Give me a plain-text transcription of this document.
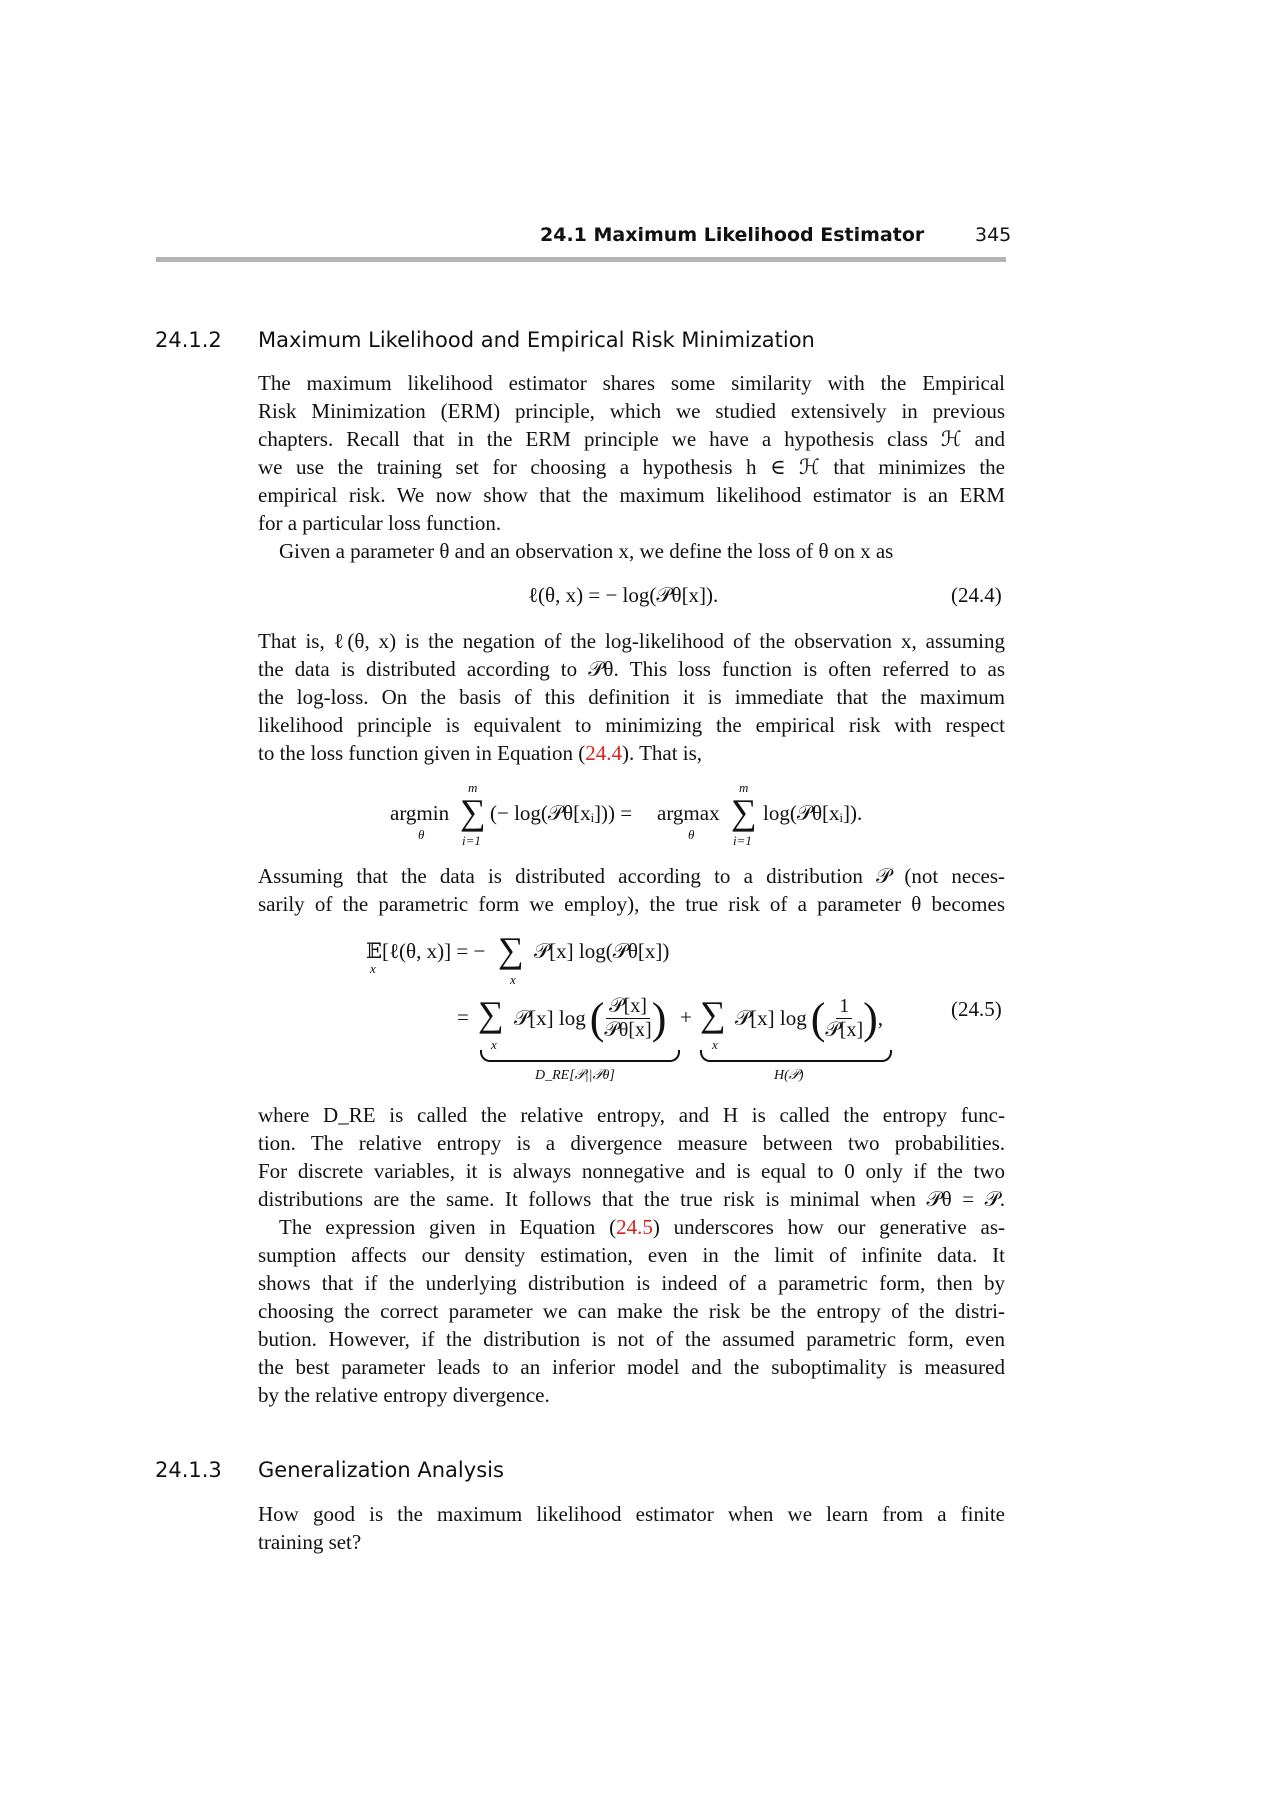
24.1 Maximum Likelihood Estimator	345
24.1.2 Maximum Likelihood and Empirical Risk Minimization
The maximum likelihood estimator shares some similarity with the Empirical
Risk Minimization (ERM) principle, which we studied extensively in previous
chapters. Recall that in the ERM principle we have a hypothesis class ℋ and
we use the training set for choosing a hypothesis h ∈ ℋ that minimizes the
empirical risk. We now show that the maximum likelihood estimator is an ERM
for a particular loss function.
Given a parameter θ and an observation x, we define the loss of θ on x as
ℓ(θ, x) = − log(𝒫θ[x]).	(24.4)
That is, ℓ(θ, x) is the negation of the log-likelihood of the observation x, assuming
the data is distributed according to 𝒫θ. This loss function is often referred to as
the log-loss. On the basis of this definition it is immediate that the maximum
likelihood principle is equivalent to minimizing the empirical risk with respect
to the loss function given in Equation (24.4). That is,
argmin
θ
∑
m
i=1
(− log(𝒫θ[xᵢ])) = argmax
θ
∑
m
i=1
log(𝒫θ[xᵢ]).
Assuming that the data is distributed according to a distribution 𝒫 (not neces-
sarily of the parametric form we employ), the true risk of a parameter θ becomes
𝔼[ℓ(θ, x)] = −
x	∑
x
𝒫[x] log(𝒫θ[x])
= ∑
x
𝒫[x] log ( $\frac{\text{𝒫[x]}}{\text{𝒫θ[x]}}$ ) + ∑
x
𝒫[x] log ( $\frac{1}{\text{𝒫[x]}}$ ) ,
D_RE[𝒫||𝒫θ]	H(𝒫)
(24.5)
where D_RE is called the relative entropy, and H is called the entropy func-
tion. The relative entropy is a divergence measure between two probabilities.
For discrete variables, it is always nonnegative and is equal to 0 only if the two
distributions are the same. It follows that the true risk is minimal when 𝒫θ = 𝒫.
The expression given in Equation (24.5) underscores how our generative as-
sumption affects our density estimation, even in the limit of infinite data. It
shows that if the underlying distribution is indeed of a parametric form, then by
choosing the correct parameter we can make the risk be the entropy of the distri-
bution. However, if the distribution is not of the assumed parametric form, even
the best parameter leads to an inferior model and the suboptimality is measured
by the relative entropy divergence.
24.1.3 Generalization Analysis
How good is the maximum likelihood estimator when we learn from a finite
training set?
